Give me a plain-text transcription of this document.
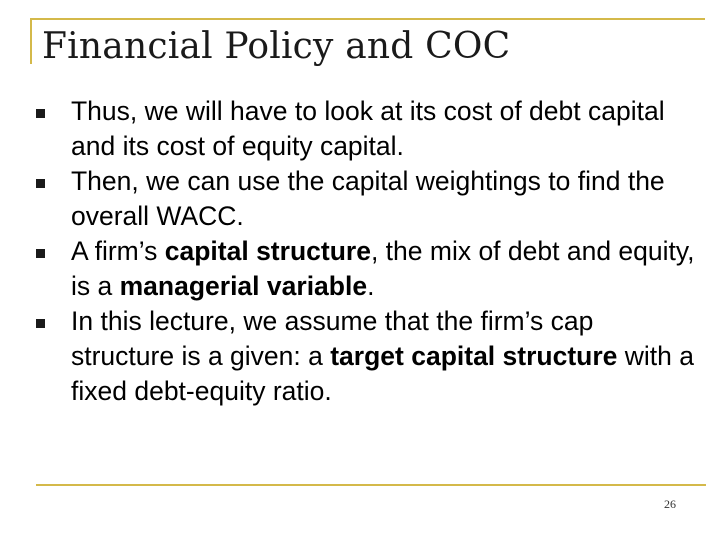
Financial Policy and COC
Thus, we will have to look at its cost of debt capital and its cost of equity capital.
Then, we can use the capital weightings to find the overall WACC.
A firm’s capital structure, the mix of debt and equity, is a managerial variable.
In this lecture, we assume that the firm’s cap structure is a given: a target capital structure with a fixed debt-equity ratio.
26
